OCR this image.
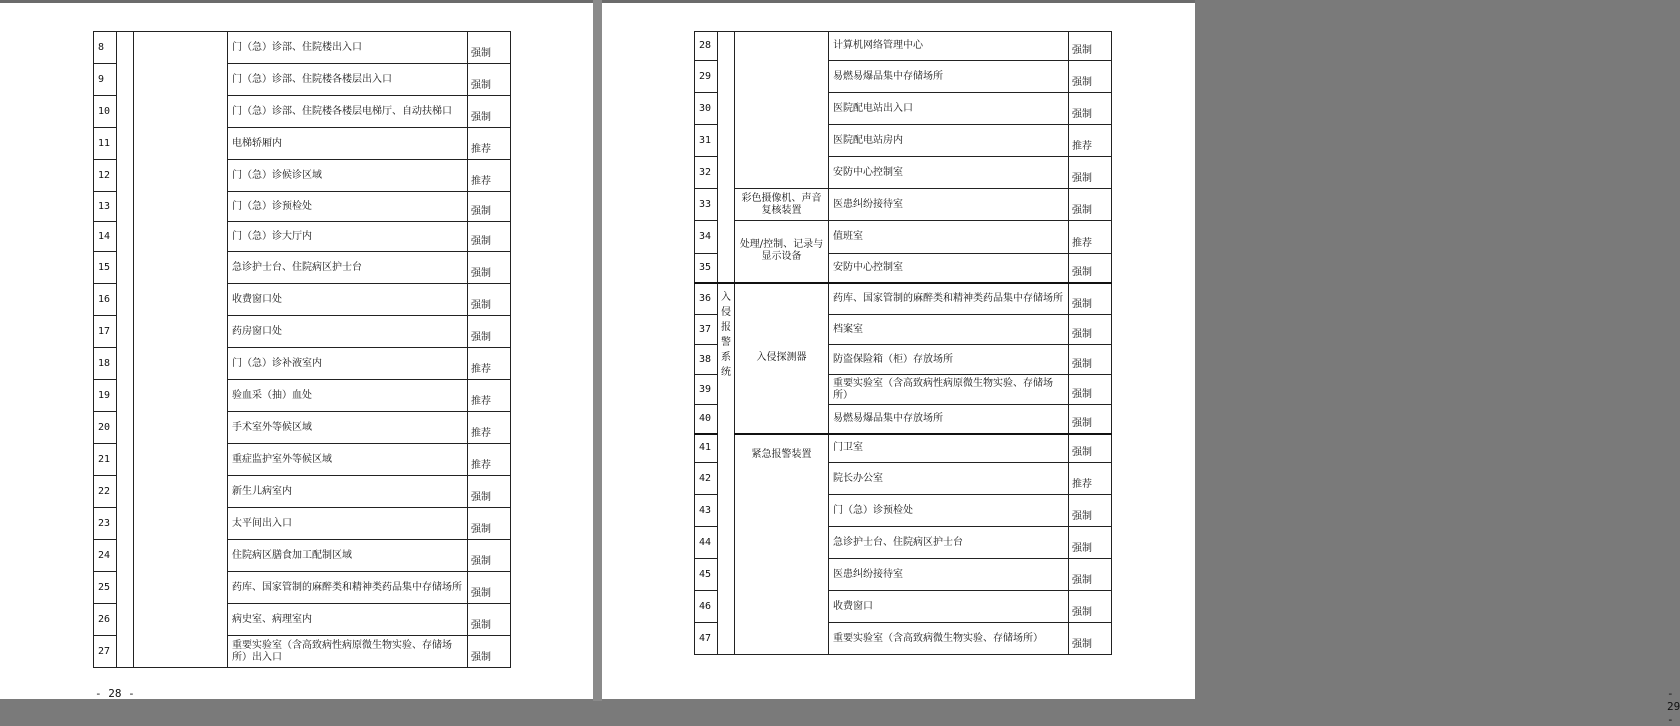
8			门（急）诊部、住院楼出入口	强制
9			门（急）诊部、住院楼各楼层出入口	强制
10			门（急）诊部、住院楼各楼层电梯厅、自动扶梯口	强制
11			电梯轿厢内	推荐
12			门（急）诊候诊区域	推荐
13			门（急）诊预检处	强制
14			门（急）诊大厅内	强制
15			急诊护士台、住院病区护士台	强制
16			收费窗口处	强制
17			药房窗口处	强制
18			门（急）诊补液室内	推荐
19			验血采（抽）血处	推荐
20			手术室外等候区域	推荐
21			重症监护室外等候区域	推荐
22			新生儿病室内	强制
23			太平间出入口	强制
24			住院病区膳食加工配制区域	强制
25			药库、国家管制的麻醉类和精神类药品集中存储场所	强制
26			病史室、病理室内	强制
27			重要实验室（含高致病性病原微生物实验、存储场所）出入口	强制
- 28 -
28			计算机网络管理中心	强制
29			易燃易爆品集中存储场所	强制
30			医院配电站出入口	强制
31			医院配电站房内	推荐
32			安防中心控制室	强制
33		彩色摄像机、声音复核装置	医患纠纷接待室	强制
34		处理/控制、记录与显示设备	值班室	推荐
35			安防中心控制室	强制
36	入侵报警系统	入侵探测器	药库、国家管制的麻醉类和精神类药品集中存储场所	强制
37			档案室	强制
38			防盗保险箱（柜）存放场所	强制
39			重要实验室（含高致病性病原微生物实验、存储场所）	强制
40			易燃易爆品集中存放场所	强制
41		紧急报警装置	门卫室	强制
42			院长办公室	推荐
43			门（急）诊预检处	强制
44			急诊护士台、住院病区护士台	强制
45			医患纠纷接待室	强制
46			收费窗口	强制
47			重要实验室（含高致病微生物实验、存储场所）	强制
- 29 -
